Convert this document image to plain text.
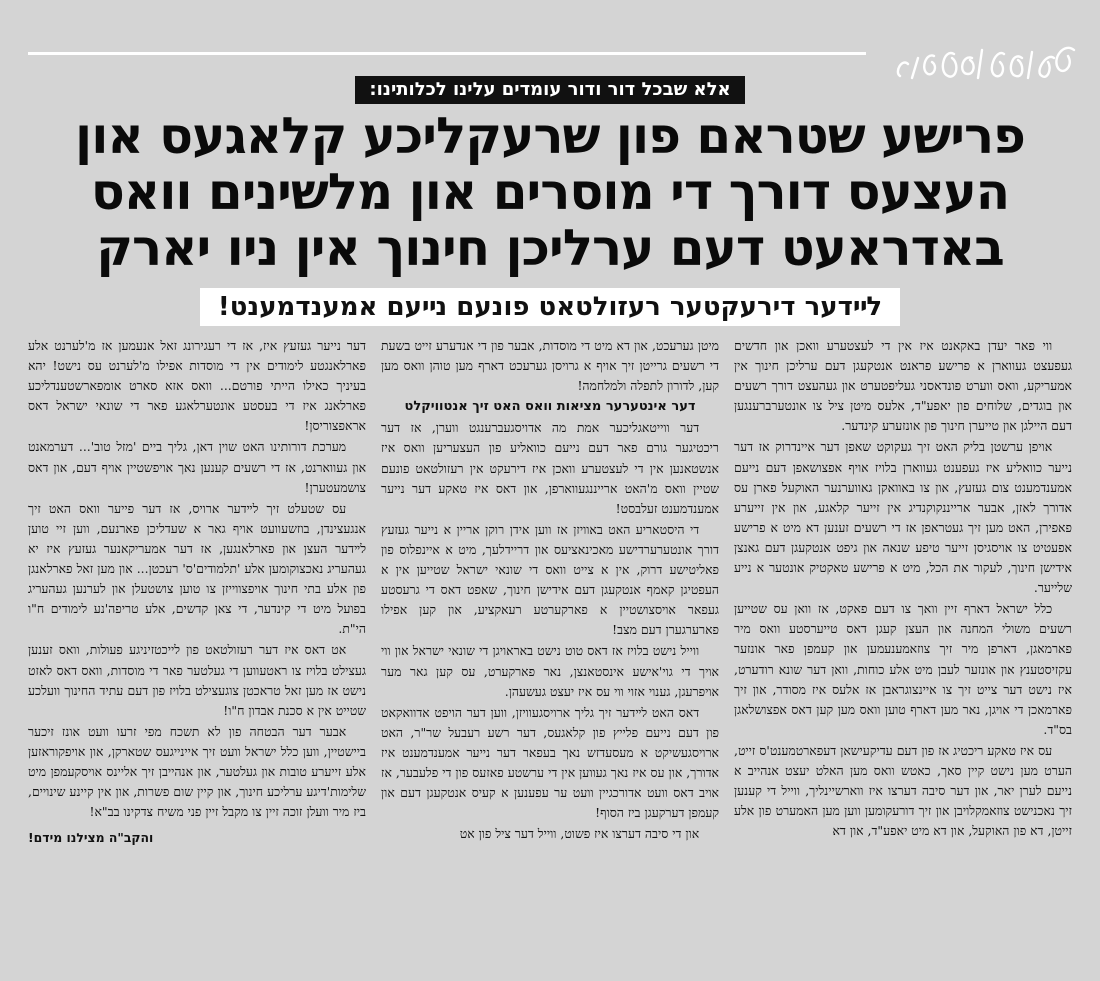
אלא שבכל דור ודור עומדים עלינו לכלותינו:
פרישע שטראם פון שרעקליכע קלאגעס און
העצעס דורך די מוסרים און מלשינים וואס
באדראעט דעם ערליכן חינוך אין ניו יארק
לײדער דירעקטער רעזולטאט פונעם נײעם אמענדמענט!

ווי פאר יעדן באקאנט איז אין די לעצטערע וואכן און חדשים געפעצט געווארן א פרישע פראנט אנטקעגן דעם ערליכן חינוך אין אמעריקע, וואס ווערט פונדאסני געליפטערט און געהעצט דורך רשעים און בוגדים, שלוחים פון יאפע"ד, אלעס מיטן ציל צו אונטערברענגען דעם היילגן און טייערן חינוך פון אונזערע קינדער.

אויפן ערשטן בליק האט זיך געקוקט שאפן דער איינדרוק אז דער נייער כוואליע איז געפענט געווארן בלויז אויף אפצושאפן דעם נייעם אמענדמענט צום געזעץ, און צו באוואקן גאווערנער האוקעל פארן עס אדורך לאזן, אבער ארייננקוקנדיג אין זייער קלאגע, און אין זייערע פאפירן, האט מען זיך געטראפן אז די רשעים זענען דא מיט א פרישע אפעטיט צו אויסגיסן זייער טיפע שנאה און גיפט אנטקעגן דעם גאנצן אידישן חינוך, לעקור את הכל, מיט א פרישע טאקטיק אונטער א נייע שלייער.

כלל ישראל דארף זיין וואך צו דעם פאקט, אז וואן עס שטייען רשעים משולי המחנה און העצן קעגן דאס טייערסטע וואס מיר פארמאגן, דארפן מיר זיך צוזאמענעמען און קעמפן פאר אונזער עקזיסטענץ און אונזער לעבן מיט אלע כוחות, וואן דער שונא רודערט, איז נישט דער צייט זיך צו איינצוגראבן אז אלעס איז מסודר, און זיך פארמאכן די אויגן, נאר מען דארף טוען וואס מען קען דאס אפצושלאגן בס"ד.

עס איז טאקע ריכטיג אז פון דעם עדיקעישאן דעפארטמענט'ס זייט, הערט מען נישט קיין סאך, כאטש וואס מען האלט יעצט אנהייב א נייעם לערן יאר, און דער סיבה דערצו איז ווארשיינליך, ווייל די קענען זיך נאכנישט צוזאמקלויבן און זיך דורעקומען ווען מען האמערט פון אלע זייטן, דא פון האוקעל, און דא מיט יאפע"ד, און דא

מיטן גערעכט, און דא מיט די מוסדות, אבער פון די אנדערע זייט בשעת די רשעים גרייטן זיך אויף א גרויסן גערעכט דארף מען טוהן וואס מען קען, לדורון לתפלה ולמלחמה!

דער אינטערער מציאות וואס האט זיך אנטוויקלט

דער ווייטאגליכער אמת מה אדויסגעברענגט ווערן, אז דער ריכטיגער גורם פאר דעם נייעם כוואליע פון העצעריען וואס איז אנשטאנען אין די לעצטערע וואכן איז דירעקט אין רעזולטאט פונעם שטיין וואס מ'האט ארייננגעווארפן, און דאס איז טאקע דער נייער אמענדמענט זעלבסט!

די היסטאריע האט באוויזן אז ווען אידן רוקן אריין א נייער געזעץ דורך אונטערערדישע מאכינאציעס און דריידלעך, מיט א איינפלוס פון פאליטישע דרוק, אין א צייט וואס די שונאי ישראל שטייען אין א העפטיגן קאמף אנטקעגן דעם אידישן חינוך, שאפט דאס די גרעסטע געפאר אויסצושטיין א פארקערטע רעאקציע, און קען אפילו פארערגערן דעם מצב!

ווייל נישט בלויז אז דאס טוט נישט באראויגן די שונאי ישראל און ווי אויך די גוי'אישע אינסטאנצן, נאר פארקערט, עס קען גאר מער אויפרעגן, גענוי אזוי ווי עס איז יעצט געשעהן.

דאס האט לײדער זיך גליך ארויסגעוויזן, ווען דער הויפט אדוואקאט פון דעם נייעם פלייץ פון קלאגעס, דער רשע רעבעל שר"ר, האט ארויסגעשיקט א מעסעדזש נאך בעפאר דער נייער אמענדמענט איז אדורך, און עס איז נאך געווען אין די ערשטע פאזעס פון די פלעבער, אז אויב דאס וועט אדורכגיין וועט ער עפענען א קעיס אנטקעגן דעם און קעמפן דערקעגן ביז הסוף!

און די סיבה דערצו איז פשוט, ווייל דער ציל פון אט

דער נייער געזעץ איז, אז די רעגירונג זאל אנעמען אז מ'לערנט אלע פארלאנגטע לימודים אין די מוסדות אפילו מ'לערנט עס נישט! יהא בעיניך כאילו הייתי פורטם... וואס אזא סארט אומפארשטענדליכע פארלאנג איז די בעסטע אונטערלאגע פאר די שונאי ישראל דאס אראפצוריסן!

מערכת דורותינו האט שוין דאן, גליך ביים 'מזל טוב'... דערמאנט און געווארנט, אז די רשעים קענען נאך אויפשטיין אויף דעם, און דאס צושמעטערן!

עס שטעלט זיך לײדער ארויס, אז דער פייער וואס האט זיך אנגעצינדן, בוזשעוועט אויף גאר א שעדליכן פארנעם, ווען זיי טוען לײדער העצן און פארלאנגען, אז דער אמעריקאנער געזעץ איז יא געהעריג נאכצוקומען אלע 'תלמודים'ס' רעכטן... און מען זאל פארלאנגן פון אלע בתי חינוך אויפצווייזן צו טוען צושטעלן און לערנען געהעריג בפועל מיט די קינדער, די צאן קדשים, אלע טריפה'נע לימודים ח"ו הי"ת.

אט דאס איז דער רעזולטאט פון לייכטזיניגע פעולות, וואס זענען געצילט בלויז צו ראטעווען די געלטער פאר די מוסדות, וואס דאס לאזט נישט אז מען זאל טראכטן צוגעצילט בלויז פון דעם עתיד החינוך וועלכע שטייט אין א סכנת אבדון ח"ו!

אבער דער הבטחה פון לא תשכח מפי זרעו וועט אונז זיכער ביישטיין, ווען כלל ישראל וועט זיך איינייגעס שטארקן, און אויפקוראזען אלע זייערע טובות און געלטער, און אנהייבן זיך אליינס אויסקעמפן מיט שלימות'דיגע ערליכע חינוך, און קיין שום פשרות, און אין קיינע שינויים, ביז מיר וועלן זוכה זיין צו מקבל זיין פני משיח צדקינו בב"א!

והקב"ה מצילנו מידם!
